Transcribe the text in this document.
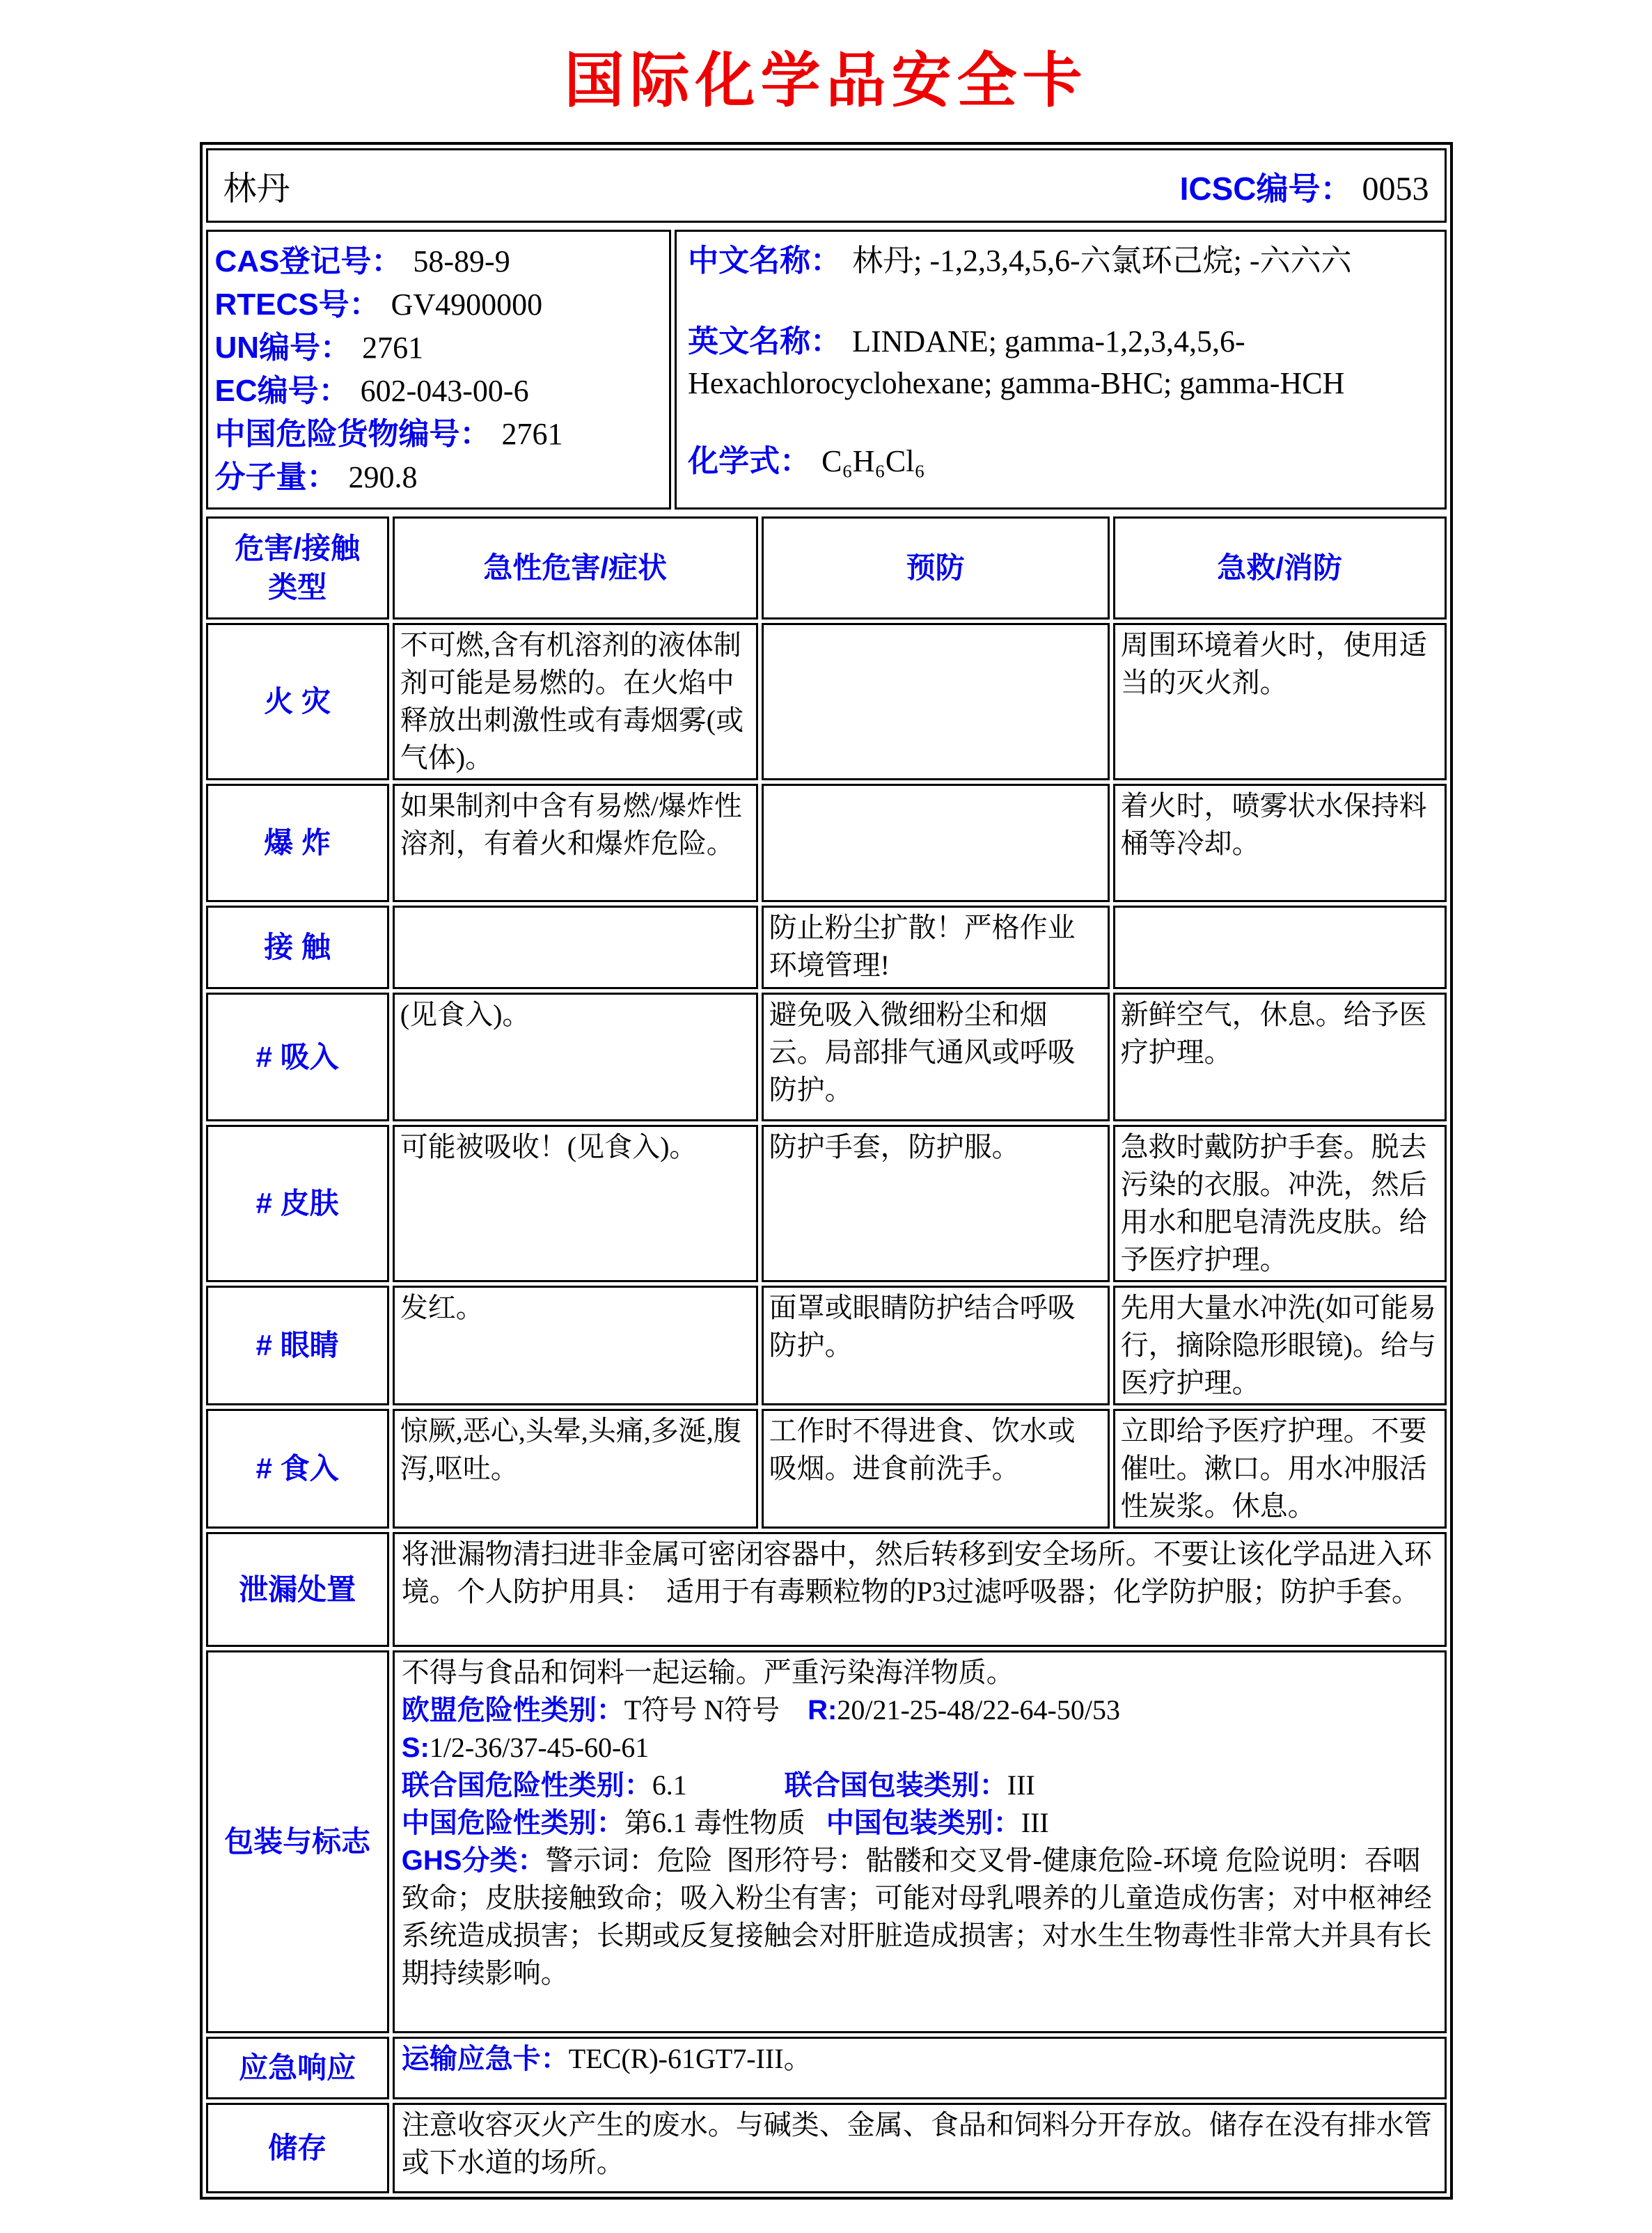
国际化学品安全卡
林丹	ICSC编号： 0053
CAS登记号： 58-89-9
RTECS号： GV4900000
UN编号： 2761
EC编号： 602-043-00-6
中国危险货物编号： 2761
分子量： 290.8

中文名称： 林丹; -1,2,3,4,5,6-六氯环己烷; -六六六
英文名称： LINDANE; gamma-1,2,3,4,5,6-Hexachlorocyclohexane; gamma-BHC; gamma-HCH
化学式： C₆H₆Cl₆
危害/接触
类型	急性危害/症状	预防	急救/消防
火 灾	不可燃,含有机溶剂的液体制剂可能是易燃的。在火焰中释放出刺激性或有毒烟雾(或气体)。		周围环境着火时，使用适当的灭火剂。
爆 炸	如果制剂中含有易燃/爆炸性溶剂，有着火和爆炸危险。		着火时，喷雾状水保持料桶等冷却。
接 触		防止粉尘扩散！严格作业环境管理!	
# 吸入	(见食入)。	避免吸入微细粉尘和烟云。局部排气通风或呼吸防护。	新鲜空气，休息。给予医疗护理。
# 皮肤	可能被吸收！(见食入)。	防护手套，防护服。	急救时戴防护手套。脱去污染的衣服。冲洗，然后用水和肥皂清洗皮肤。给予医疗护理。
# 眼睛	发红。	面罩或眼睛防护结合呼吸防护。	先用大量水冲洗(如可能易行，摘除隐形眼镜)。给与医疗护理。
# 食入	惊厥,恶心,头晕,头痛,多涎,腹泻,呕吐。	工作时不得进食、饮水或吸烟。进食前洗手。	立即给予医疗护理。不要催吐。漱口。用水冲服活性炭浆。休息。
泄漏处置	将泄漏物清扫进非金属可密闭容器中，然后转移到安全场所。不要让该化学品进入环境。个人防护用具：  适用于有毒颗粒物的P3过滤呼吸器；化学防护服；防护手套。		

包装与标志	
不得与食品和饲料一起运输。严重污染海洋物质。
欧盟危险性类别：T符号 N符号    R:20/21-25-48/22-64-50/53
S:1/2-36/37-45-60-61
联合国危险性类别：6.1              联合国包装类别：III
中国危险性类别：第6.1 毒性物质   中国包装类别：III
GHS分类：警示词：危险  图形符号：骷髅和交叉骨-健康危险-环境 危险说明：吞咽致命；皮肤接触致命；吸入粉尘有害；可能对母乳喂养的儿童造成伤害；对中枢神经系统造成损害；长期或反复接触会对肝脏造成损害；对水生生物毒性非常大并具有长期持续影响。

应急响应	运输应急卡：TEC(R)-61GT7-III。		

储存	注意收容灭火产生的废水。与碱类、金属、食品和饲料分开存放。储存在没有排水管或下水道的场所。		
